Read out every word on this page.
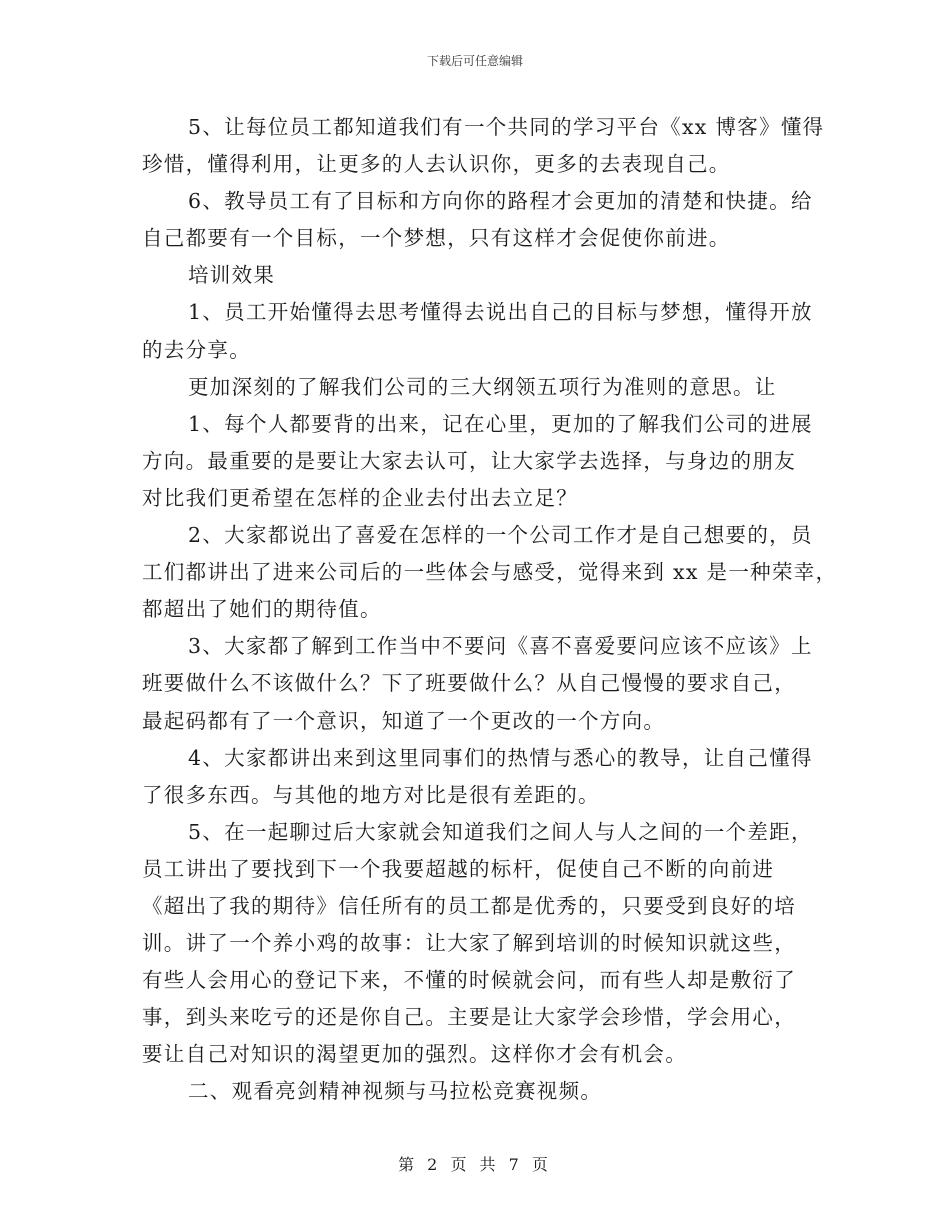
下载后可任意编辑
5、让每位员工都知道我们有一个共同的学习平台《xx 博客》懂得
珍惜，懂得利用，让更多的人去认识你，更多的去表现自己。
6、教导员工有了目标和方向你的路程才会更加的清楚和快捷。给
自己都要有一个目标，一个梦想，只有这样才会促使你前进。
培训效果
1、员工开始懂得去思考懂得去说出自己的目标与梦想，懂得开放
的去分享。
更加深刻的了解我们公司的三大纲领五项行为准则的意思。让
1、每个人都要背的出来，记在心里，更加的了解我们公司的进展
方向。最重要的是要让大家去认可，让大家学去选择，与身边的朋友
对比我们更希望在怎样的企业去付出去立足？
2、大家都说出了喜爱在怎样的一个公司工作才是自己想要的，员
工们都讲出了进来公司后的一些体会与感受，觉得来到 xx 是一种荣幸，
都超出了她们的期待值。
3、大家都了解到工作当中不要问《喜不喜爱要问应该不应该》上
班要做什么不该做什么？下了班要做什么？从自己慢慢的要求自己，
最起码都有了一个意识，知道了一个更改的一个方向。
4、大家都讲出来到这里同事们的热情与悉心的教导，让自己懂得
了很多东西。与其他的地方对比是很有差距的。
5、在一起聊过后大家就会知道我们之间人与人之间的一个差距，
员工讲出了要找到下一个我要超越的标杆，促使自己不断的向前进
《超出了我的期待》信任所有的员工都是优秀的，只要受到良好的培
训。讲了一个养小鸡的故事：让大家了解到培训的时候知识就这些，
有些人会用心的登记下来，不懂的时候就会问，而有些人却是敷衍了
事，到头来吃亏的还是你自己。主要是让大家学会珍惜，学会用心，
要让自己对知识的渴望更加的强烈。这样你才会有机会。
二、观看亮剑精神视频与马拉松竞赛视频。
第 2 页 共 7 页
